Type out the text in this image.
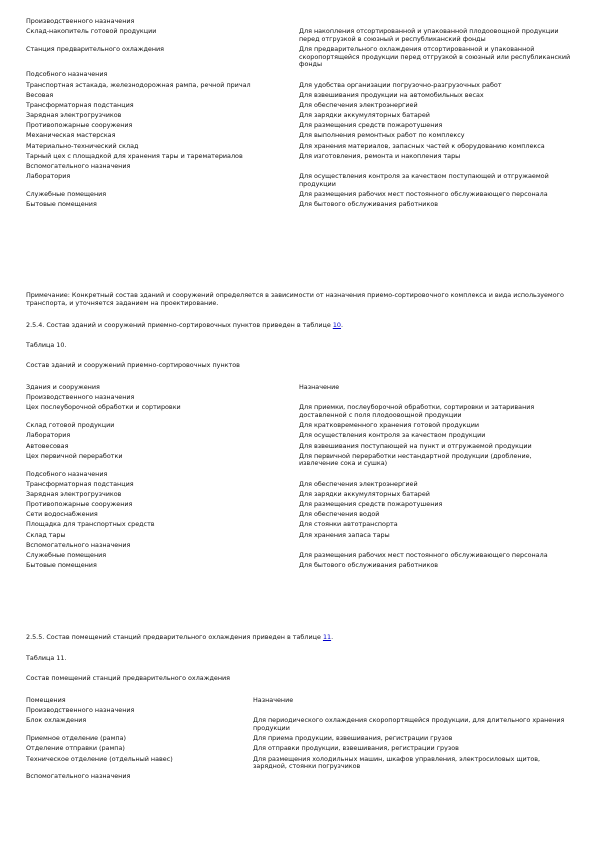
Производственного назначения	
Склад-накопитель готовой продукции	Для накопления отсортированной и упакованной плодоовощной продукции перед отгрузкой в союзный и республиканский фонды
Станция предварительного охлаждения	Для предварительного охлаждения отсортированной и упакованной скоропортящейся продукции перед отгрузкой в союзный или республиканский фонды
Подсобного назначения	
Транспортная эстакада, железнодорожная рампа, речной причал	Для удобства организации погрузочно-разгрузочных работ
Весовая	Для взвешивания продукции на автомобильных весах
Трансформаторная подстанция	Для обеспечения электроэнергией
Зарядная электрогрузчиков	Для зарядки аккумуляторных батарей
Противопожарные сооружения	Для размещения средств пожаротушения
Механическая мастерская	Для выполнения ремонтных работ по комплексу
Материально-технический склад	Для хранения материалов, запасных частей к оборудованию комплекса
Тарный цех с площадкой для хранения тары и тарематериалов	Для изготовления, ремонта и накопления тары
Вспомогательного назначения	
Лаборатория	Для осуществления контроля за качеством поступающей и отгружаемой продукции
Служебные помещения	Для размещения рабочих мест постоянного обслуживающего персонала
Бытовые помещения	Для бытового обслуживания работников

Примечание: Конкретный состав зданий и сооружений определяется в зависимости от назначения приемо-сортировочного комплекса и вида используемого транспорта, и уточняется заданием на проектирование.

2.5.4. Состав зданий и сооружений приемно-сортировочных пунктов приведен в таблице 10.

Таблица 10.

Состав зданий и сооружений приемно-сортировочных пунктов

Здания и сооружения	Назначение
Производственного назначения	
Цех послеуборочной обработки и сортировки	Для приемки, послеуборочной обработки, сортировки и затаривания доставленной с поля плодоовощной продукции
Склад готовой продукции	Для кратковременного хранения готовой продукции
Лаборатория	Для осуществления контроля за качеством продукции
Автовесовая	Для взвешивания поступающей на пункт и отгружаемой продукции
Цех первичной переработки	Для первичной переработки нестандартной продукции (дробление, извлечение сока и сушка)
Подсобного назначения	
Трансформаторная подстанция	Для обеспечения электроэнергией
Зарядная электрогрузчиков	Для зарядки аккумуляторных батарей
Противопожарные сооружения	Для размещения средств пожаротушения
Сети водоснабжения	Для обеспечения водой
Площадка для транспортных средств	Для стоянки автотранспорта
Склад тары	Для хранения запаса тары
Вспомогательного назначения	
Служебные помещения	Для размещения рабочих мест постоянного обслуживающего персонала
Бытовые помещения	Для бытового обслуживания работников

2.5.5. Состав помещений станций предварительного охлаждения приведен в таблице 11.

Таблица 11.

Состав помещений станций предварительного охлаждения

Помещения	Назначение
Производственного назначения	
Блок охлаждения	Для периодического охлаждения скоропортящейся продукции, для длительного хранения продукции
Приемное отделение (рампа)	Для приема продукции, взвешивания, регистрации грузов
Отделение отправки (рампа)	Для отправки продукции, взвешивания, регистрации грузов
Техническое отделение (отдельный навес)	Для размещения холодильных машин, шкафов управления, электросиловых щитов, зарядной, стоянки погрузчиков
Вспомогательного назначения	
